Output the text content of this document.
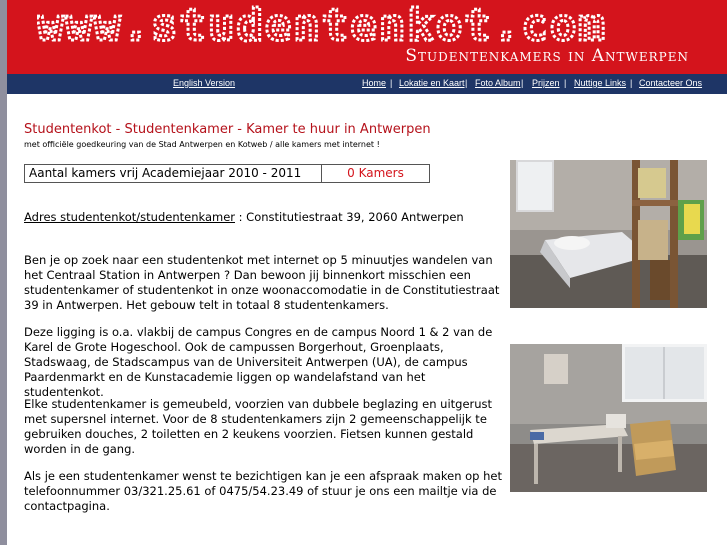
www.studentenkot.com
Studentenkamers in Antwerpen
English Version	Home | Lokatie en Kaart | Foto Album | Prijzen | Nuttige Links | Contacteer Ons
Studentenkot - Studentenkamer - Kamer te huur in Antwerpen
met officiële goedkeuring van de Stad Antwerpen en Kotweb / alle kamers met internet !
Aantal kamers vrij Academiejaar 2010 - 2011	0 Kamers
Adres studentenkot/studentenkamer : Constitutiestraat 39, 2060 Antwerpen

Ben je op zoek naar een studentenkot met internet op 5 minuutjes wandelen van het Centraal Station in Antwerpen ? Dan bewoon jij binnenkort misschien een studentenkamer of studentenkot in onze woonaccomodatie in de Constitutiestraat 39 in Antwerpen. Het gebouw telt in totaal 8 studentenkamers.

Deze ligging is o.a. vlakbij de campus Congres en de campus Noord 1 & 2 van de Karel de Grote Hogeschool. Ook de campussen Borgerhout, Groenplaats, Stadswaag, de Stadscampus van de Universiteit Antwerpen (UA), de campus Paardenmarkt en de Kunstacademie liggen op wandelafstand van het studentenkot.

Elke studentenkamer is gemeubeld, voorzien van dubbele beglazing en uitgerust met supersnel internet. Voor de 8 studentenkamers zijn 2 gemeenschappelijk te gebruiken douches, 2 toiletten en 2 keukens voorzien. Fietsen kunnen gestald worden in de gang.

Als je een studentenkamer wenst te bezichtigen kan je een afspraak maken op het telefoonnummer 03/321.25.61 of 0475/54.23.49 of stuur je ons een mailtje via de contactpagina.
